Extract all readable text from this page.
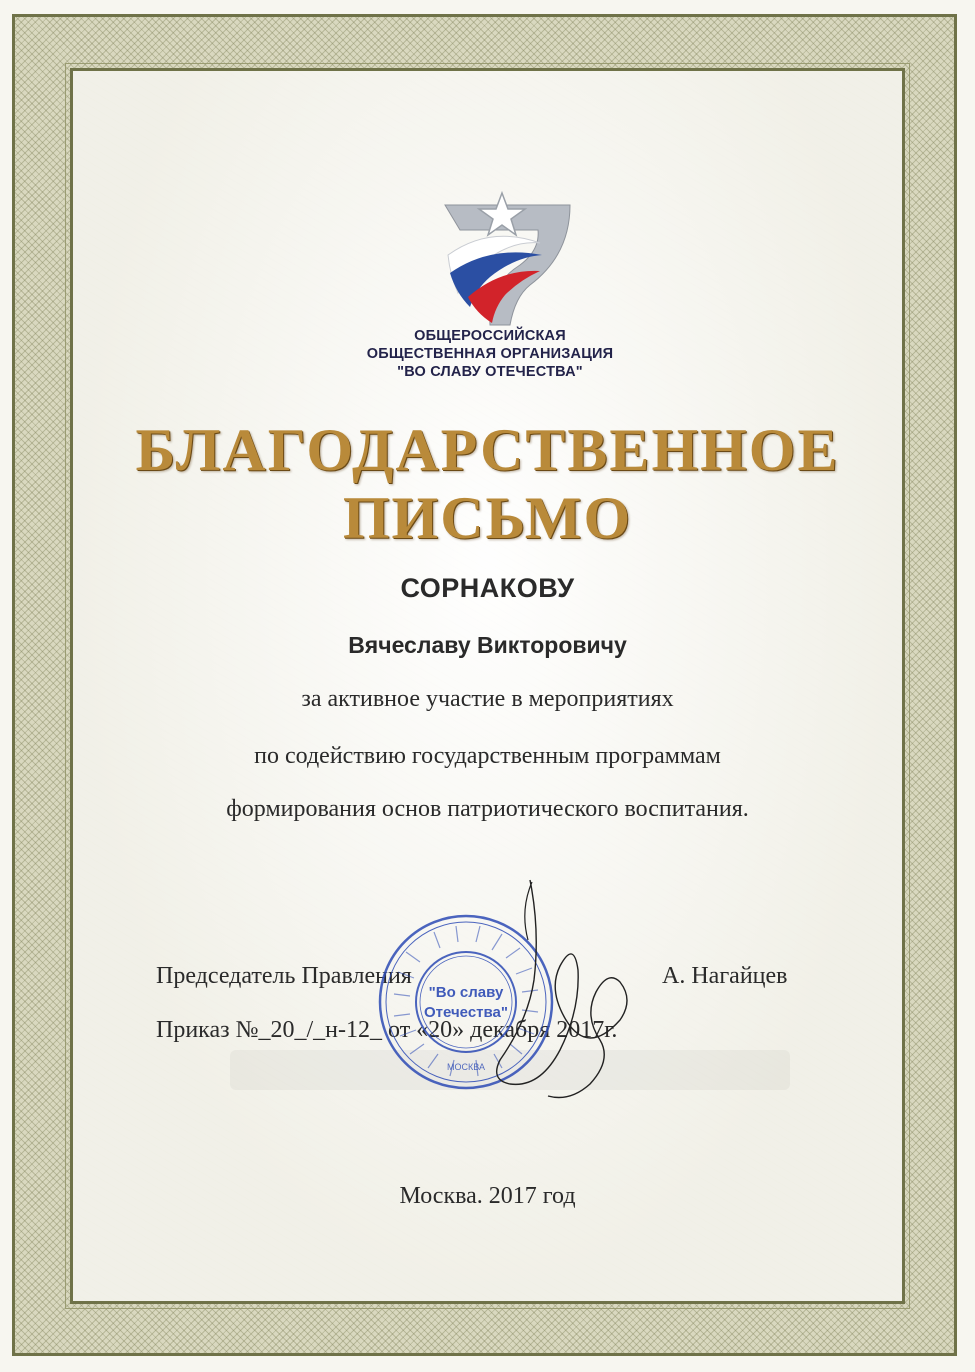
ОБЩЕРОССИЙСКАЯ
ОБЩЕСТВЕННАЯ ОРГАНИЗАЦИЯ
"ВО СЛАВУ ОТЕЧЕСТВА"
БЛАГОДАРСТВЕННОЕ
ПИСЬМО
СОРНАКОВУ
Вячеславу Викторовичу
за активное участие в мероприятиях
по содействию государственным программам
формирования основ патриотического воспитания.
Председатель Правления	А. Нагайцев
Приказ №_20_/_н-12_ от «20» декабря 2017г.
"Во славу
Отечества"
МОСКВА
Москва. 2017 год
